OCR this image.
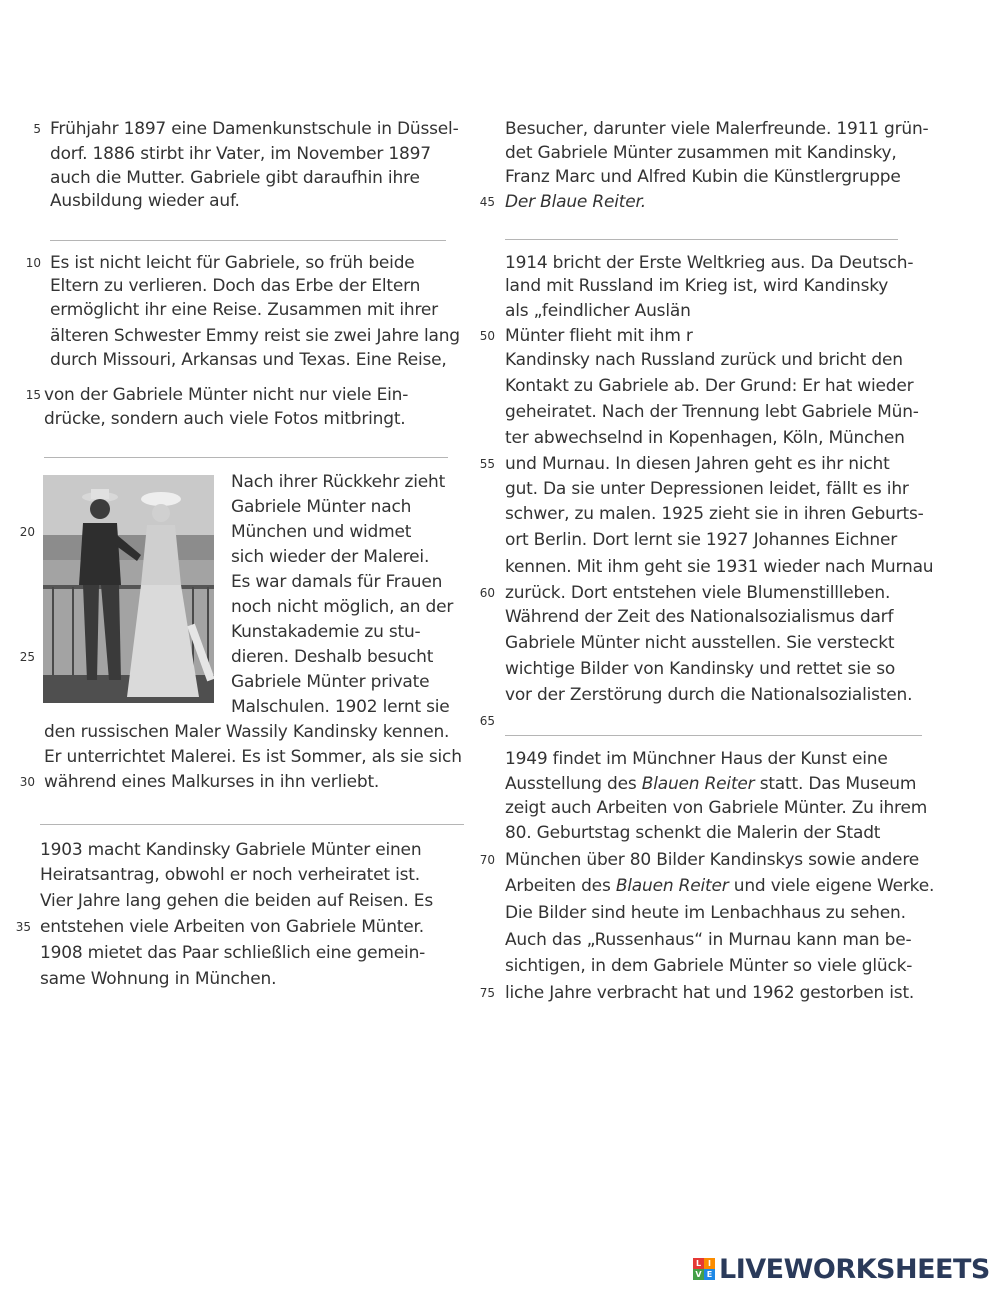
5
10
15
20
25
30
35
Frühjahr 1897 eine Damenkunstschule in Düssel-
dorf. 1886 stirbt ihr Vater, im November 1897
auch die Mutter. Gabriele gibt daraufhin ihre
Ausbildung wieder auf.
Es ist nicht leicht für Gabriele, so früh beide
Eltern zu verlieren. Doch das Erbe der Eltern
ermöglicht ihr eine Reise. Zusammen mit ihrer
älteren Schwester Emmy reist sie zwei Jahre lang
durch Missouri, Arkansas und Texas. Eine Reise,
von der Gabriele Münter nicht nur viele Ein-
drücke, sondern auch viele Fotos mitbringt.
Nach ihrer Rückkehr zieht
Gabriele Münter nach
München und widmet
sich wieder der Malerei.
Es war damals für Frauen
noch nicht möglich, an der
Kunstakademie zu stu-
dieren. Deshalb besucht
Gabriele Münter private
Malschulen. 1902 lernt sie
den russischen Maler Wassily Kandinsky kennen.
Er unterrichtet Malerei. Es ist Sommer, als sie sich
während eines Malkurses in ihn verliebt.
1903 macht Kandinsky Gabriele Münter einen
Heiratsantrag, obwohl er noch verheiratet ist.
Vier Jahre lang gehen die beiden auf Reisen. Es
entstehen viele Arbeiten von Gabriele Münter.
1908 mietet das Paar schließlich eine gemein-
same Wohnung in München.
45
50
55
60
65
70
75
Besucher, darunter viele Malerfreunde. 1911 grün-
det Gabriele Münter zusammen mit Kandinsky,
Franz Marc und Alfred Kubin die Künstlergruppe
Der Blaue Reiter.
1914 bricht der Erste Weltkrieg aus. Da Deutsch-
land mit Russland im Krieg ist, wird Kandinsky
als „feindlicher Auslän
Münter flieht mit ihm r
Kandinsky nach Russland zurück und bricht den
Kontakt zu Gabriele ab. Der Grund: Er hat wieder
geheiratet. Nach der Trennung lebt Gabriele Mün-
ter abwechselnd in Kopenhagen, Köln, München
und Murnau. In diesen Jahren geht es ihr nicht
gut. Da sie unter Depressionen leidet, fällt es ihr
schwer, zu malen. 1925 zieht sie in ihren Geburts-
ort Berlin. Dort lernt sie 1927 Johannes Eichner
kennen. Mit ihm geht sie 1931 wieder nach Murnau
zurück. Dort entstehen viele Blumenstillleben.
Während der Zeit des Nationalsozialismus darf
Gabriele Münter nicht ausstellen. Sie versteckt
wichtige Bilder von Kandinsky und rettet sie so
vor der Zerstörung durch die Nationalsozialisten.
1949 findet im Münchner Haus der Kunst eine
Ausstellung des Blauen Reiter statt. Das Museum
zeigt auch Arbeiten von Gabriele Münter. Zu ihrem
80. Geburtstag schenkt die Malerin der Stadt
München über 80 Bilder Kandinskys sowie andere
Arbeiten des Blauen Reiter und viele eigene Werke.
Die Bilder sind heute im Lenbachhaus zu sehen.
Auch das „Russenhaus“ in Murnau kann man be-
sichtigen, in dem Gabriele Münter so viele glück-
liche Jahre verbracht hat und 1962 gestorben ist.
L I
V E LIVEWORKSHEETS
